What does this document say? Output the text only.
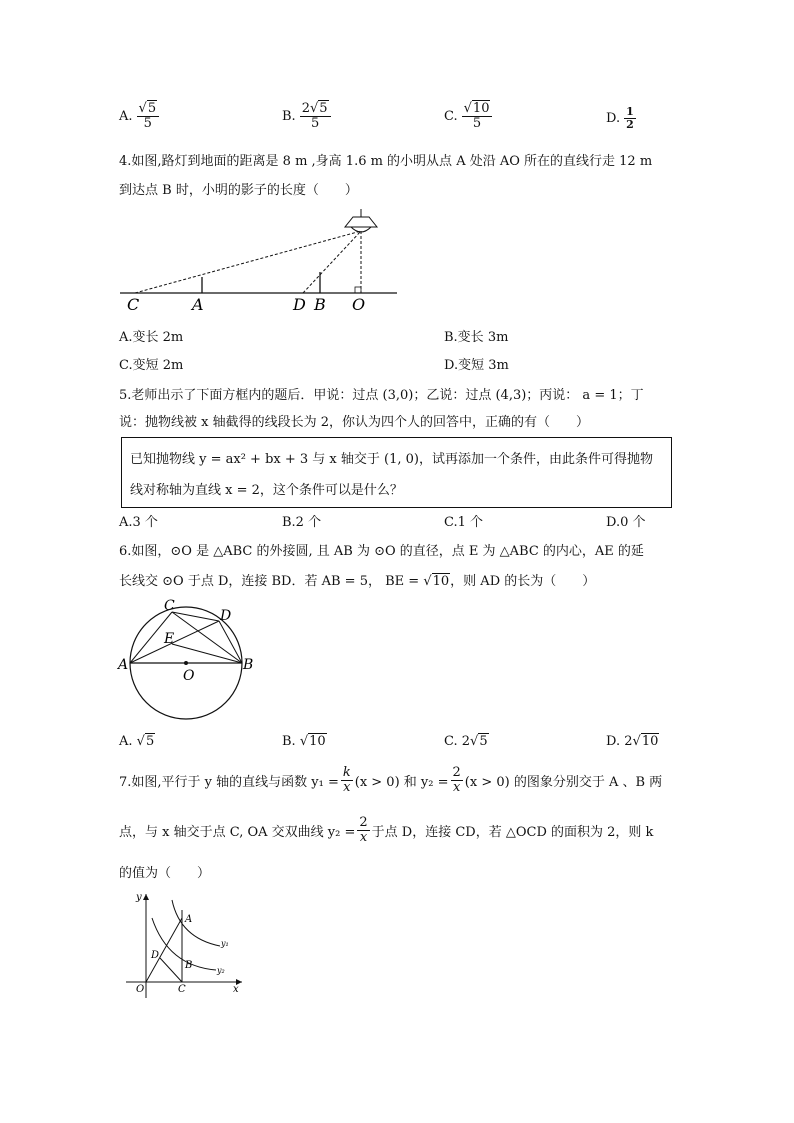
A. $\frac{√5}{5}$	B. $\frac{2√5}{5}$	C. $\frac{√10}{5}$	D. $\frac{1}{2}$
4.如图,路灯到地面的距离是 8 m ,身高 1.6 m 的小明从点 A 处沿 AO 所在的直线行走 12 m
到达点 B 时，小明的影子的长度（　　）
C	A	D B O
A.变长 2m	B.变长 3m
C.变短 2m	D.变短 3m
5.老师出示了下面方框内的题后．甲说：过点 (3,0)；乙说：过点 (4,3)；丙说： a = 1；丁
说：抛物线被 x 轴截得的线段长为 2，你认为四个人的回答中，正确的有（　　）
已知抛物线 y = ax² + bx + 3 与 x 轴交于 (1, 0)，试再添加一个条件，由此条件可得抛物
线对称轴为直线 x = 2，这个条件可以是什么？
A.3 个	B.2 个	C.1 个	D.0 个
6.如图，⊙O 是 △ABC 的外接圆, 且 AB 为 ⊙O 的直径，点 E 为 △ABC 的内心，AE 的延
长线交 ⊙O 于点 D，连接 BD．若 AB = 5， BE = √10，则 AD 的长为（　　）
C
D
E
A
O
B
A. √5	B. √10	C. 2√5	D. 2√10
7.如图,平行于 y 轴的直线与函数 $y_1 = \frac{k}{x} (x > 0)$ 和 $y_2 = \frac{2}{x} (x > 0)$ 的图象分别交于 A 、B 两
点，与 x 轴交于点 C, OA 交双曲线 $y_2 = \frac{2}{x}$ 于点 D，连接 CD，若 △OCD 的面积为 2，则 k
的值为（　　）
y
x
O
A
D
B
C
y₁
y₂
